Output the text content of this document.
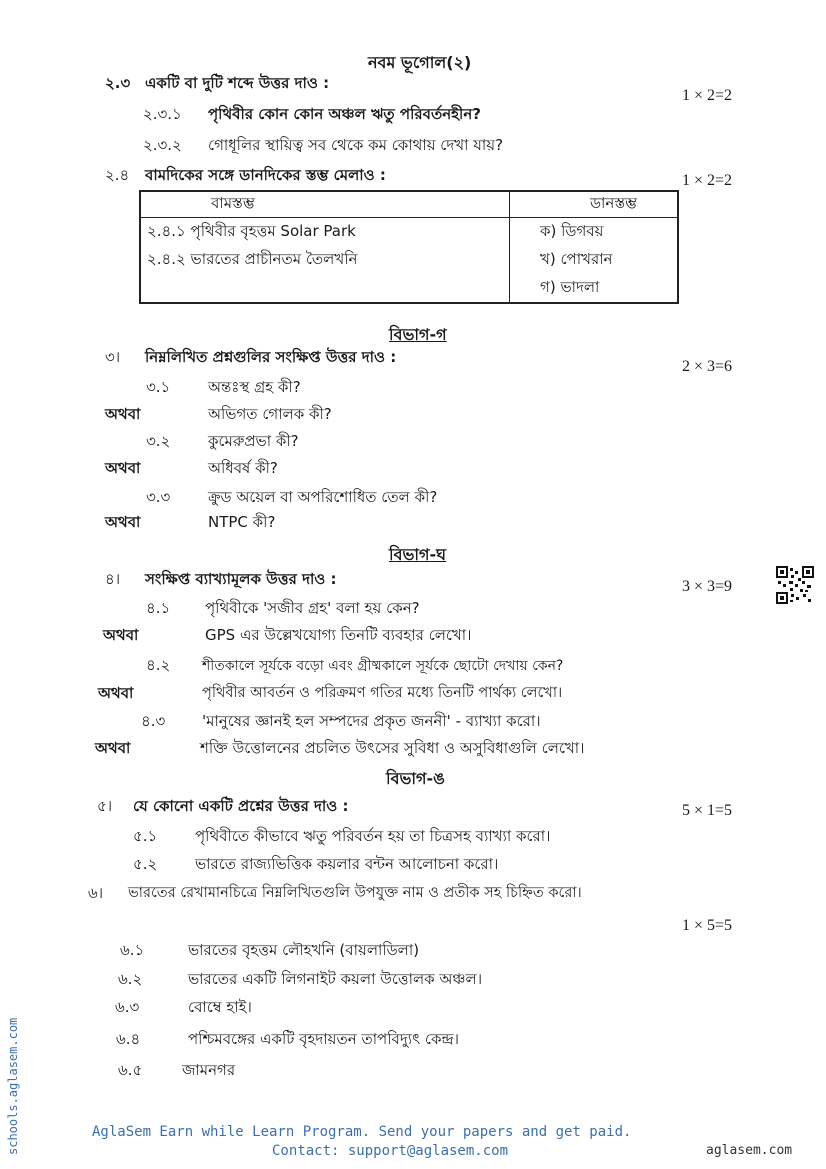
নবম ভূগোল(২)
২.৩ একটি বা দুটি শব্দে উত্তর দাও :
1 × 2=2
২.৩.১ পৃথিবীর কোন কোন অঞ্চল ঋতু পরিবর্তনহীন?
২.৩.২ গোধূলির স্থায়িত্ব সব থেকে কম কোথায় দেখা যায়?
২.৪ বামদিকের সঙ্গে ডানদিকের স্তম্ভ মেলাও :	1 × 2=2
বামস্তম্ভ	ডানস্তম্ভ
২.৪.১ পৃথিবীর বৃহত্তম Solar Park	ক) ডিগবয়
২.৪.২ ভারতের প্রাচীনতম তৈলখনি	খ) পোখরান
	গ) ভাদলা
বিভাগ-গ
৩। নিম্নলিখিত প্রশ্নগুলির সংক্ষিপ্ত উত্তর দাও :
2 × 3=6
৩.১	অন্তঃস্থ গ্রহ কী?
অথবা	অভিগত গোলক কী?
৩.২	কুমেরুপ্রভা কী?
অথবা	অধিবর্ষ কী?
৩.৩	ক্রুড অয়েল বা অপরিশোধিত তেল কী?
অথবা	NTPC কী?
বিভাগ-ঘ
৪। সংক্ষিপ্ত ব্যাখ্যামূলক উত্তর দাও :	3 × 3=9
৪.১ পৃথিবীকে 'সজীব গ্রহ' বলা হয় কেন?
অথবা	GPS এর উল্লেখযোগ্য তিনটি ব্যবহার লেখো।
৪.২ শীতকালে সূর্যকে বড়ো এবং গ্রীষ্মকালে সূর্যকে ছোটো দেখায় কেন?
অথবা	পৃথিবীর আবর্তন ও পরিক্রমণ গতির মধ্যে তিনটি পার্থক্য লেখো।
৪.৩ 'মানুষের জ্ঞানই হল সম্পদের প্রকৃত জননী' - ব্যাখ্যা করো।
অথবা	শক্তি উত্তোলনের প্রচলিত উৎসের সুবিধা ও অসুবিধাগুলি লেখো।
বিভাগ-ঙ
৫। যে কোনো একটি প্রশ্নের উত্তর দাও :	5 × 1=5
৫.১	পৃথিবীতে কীভাবে ঋতু পরিবর্তন হয় তা চিত্রসহ ব্যাখ্যা করো।
৫.২	ভারতে রাজ্যভিত্তিক কয়লার বন্টন আলোচনা করো।
৬। ভারতের রেখামানচিত্রে নিম্নলিখিতগুলি উপযুক্ত নাম ও প্রতীক সহ চিহ্নিত করো।
1 × 5=5
৬.১	ভারতের বৃহত্তম লৌহখনি (বায়লাডিলা)
৬.২	ভারতের একটি লিগনাইট কয়লা উত্তোলক অঞ্চল।
৬.৩	বোম্বে হাই।
৬.৪	পশ্চিমবঙ্গের একটি বৃহদায়তন তাপবিদ্যুৎ কেন্দ্র।
৬.৫	জামনগর
AglaSem Earn while Learn Program. Send your papers and get paid.
Contact: support@aglasem.com	aglasem.com
schools.aglasem.com
